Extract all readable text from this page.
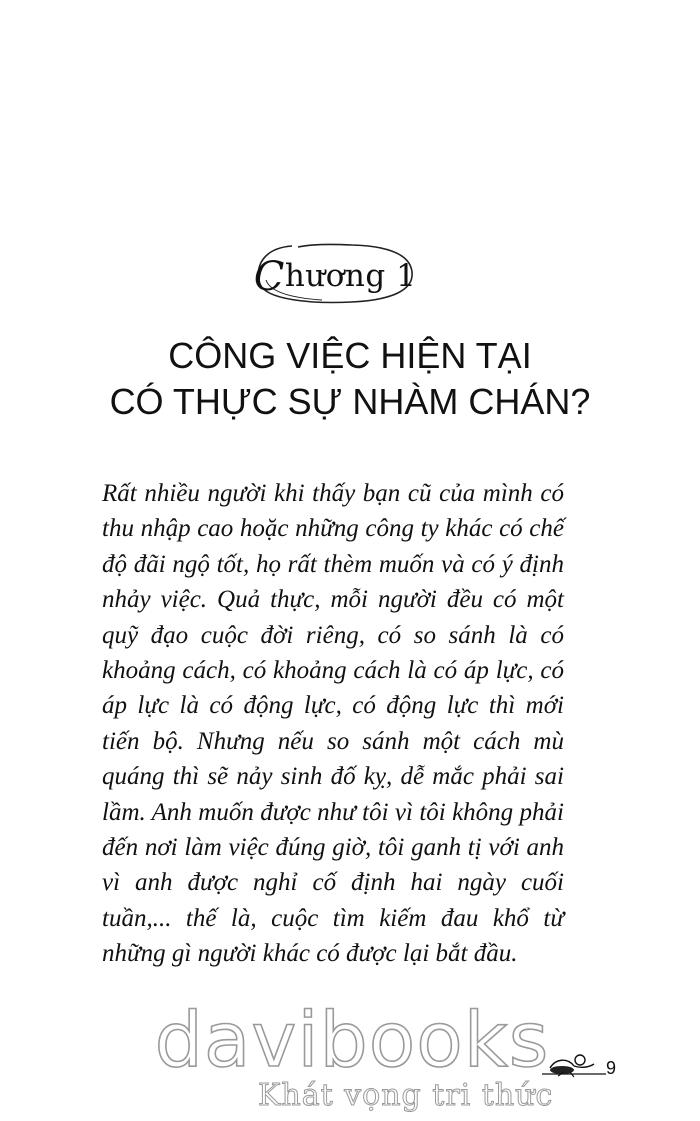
Chương 1
CÔNG VIỆC HIỆN TẠI
CÓ THỰC SỰ NHÀM CHÁN?

Rất nhiều người khi thấy bạn cũ của mình có thu nhập cao hoặc những công ty khác có chế độ đãi ngộ tốt, họ rất thèm muốn và có ý định nhảy việc. Quả thực, mỗi người đều có một quỹ đạo cuộc đời riêng, có so sánh là có khoảng cách, có khoảng cách là có áp lực, có áp lực là có động lực, có động lực thì mới tiến bộ. Nhưng nếu so sánh một cách mù quáng thì sẽ nảy sinh đố kỵ, dễ mắc phải sai lầm. Anh muốn được như tôi vì tôi không phải đến nơi làm việc đúng giờ, tôi ganh tị với anh vì anh được nghỉ cố định hai ngày cuối tuần,... thế là, cuộc tìm kiếm đau khổ từ những gì người khác có được lại bắt đầu.

davibooks
Khát vọng tri thức
9
